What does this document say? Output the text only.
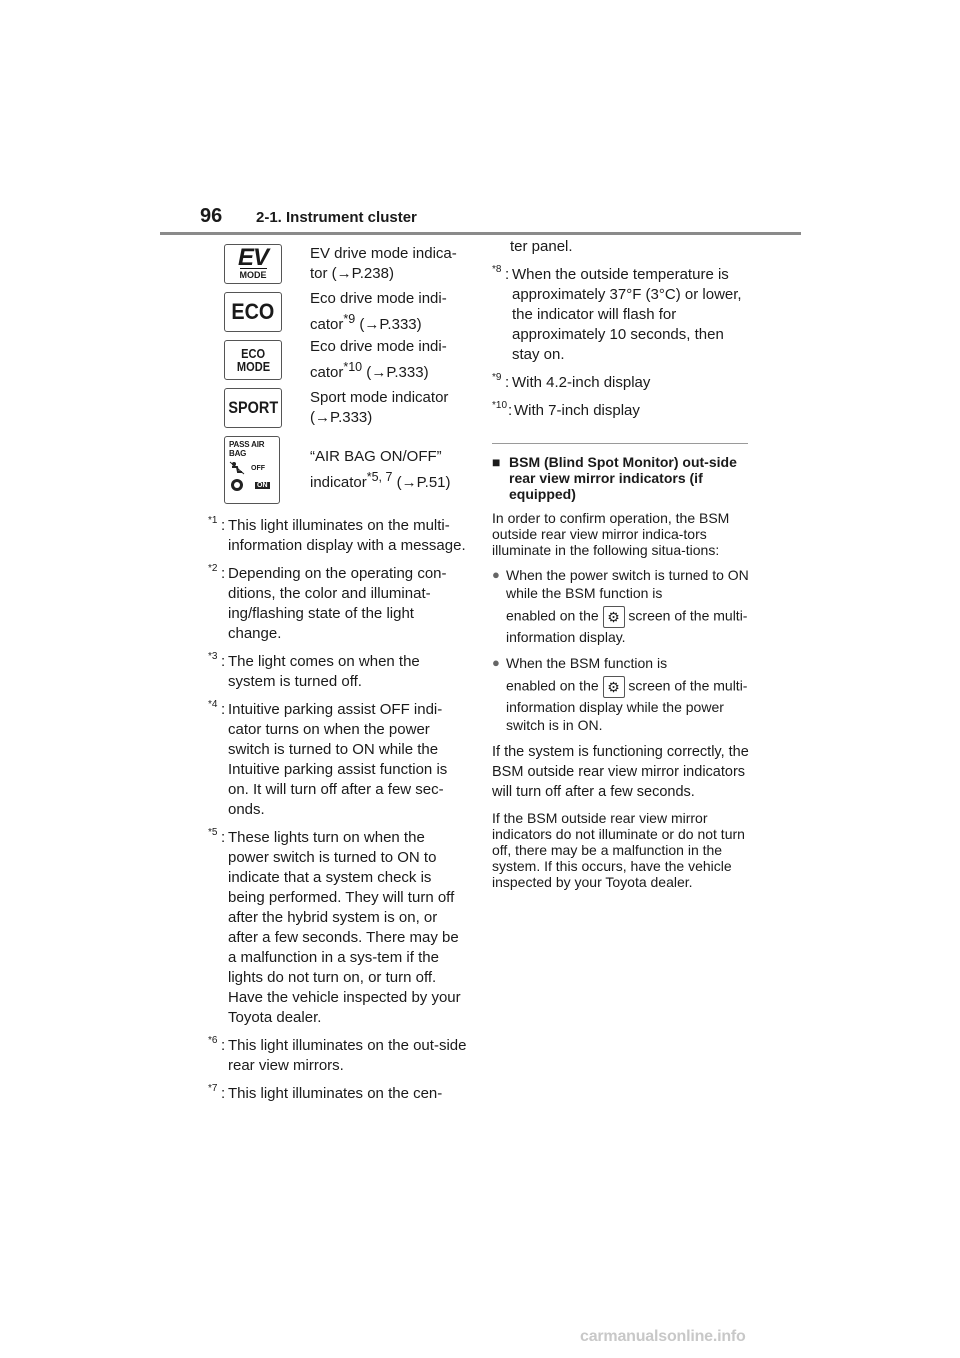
96 2-1. Instrument cluster
EV
MODE	EV drive mode indica-tor (→P.238)

ECO	Eco drive mode indi-cator$^{*9}$ (→P.333)

ECO
MODE	Eco drive mode indi-cator$^{*10}$ (→P.333)

SPORT	Sport mode indicator
(→P.333)

PASS AIR BAG
OFF
ON	“AIR BAG ON/OFF” indicator$^{*5, 7}$ (→P.51)
*1 : This light illuminates on the multi-information display with a message.
*2 : Depending on the operating con-ditions, the color and illuminat-ing/flashing state of the light change.
*3 : The light comes on when the system is turned off.
*4 : Intuitive parking assist OFF indi-cator turns on when the power switch is turned to ON while the Intuitive parking assist function is on. It will turn off after a few sec-onds.
*5 : These lights turn on when the power switch is turned to ON to indicate that a system check is being performed. They will turn off after the hybrid system is on, or after a few seconds. There may be a malfunction in a sys-tem if the lights do not turn on, or turn off. Have the vehicle inspected by your Toyota dealer.
*6 : This light illuminates on the out-side rear view mirrors.
*7 : This light illuminates on the cen-
ter panel.
*8 : When the outside temperature is approximately 37°F (3°C) or lower, the indicator will flash for approximately 10 seconds, then stay on.
*9 : With 4.2-inch display
*10 : With 7-inch display
■ BSM (Blind Spot Monitor) out-side rear view mirror indicators (if equipped)
In order to confirm operation, the BSM outside rear view mirror indica-tors illuminate in the following situa-tions:
● When the power switch is turned to ON while the BSM function is
enabled on the ⚙ screen of the multi-information display.
● When the BSM function is
enabled on the ⚙ screen of the multi-information display while the power switch is in ON.
If the system is functioning correctly, the BSM outside rear view mirror indicators will turn off after a few seconds.
If the BSM outside rear view mirror indicators do not illuminate or do not turn off, there may be a malfunction in the system. If this occurs, have the vehicle inspected by your Toyota dealer.
carmanualsonline.info
